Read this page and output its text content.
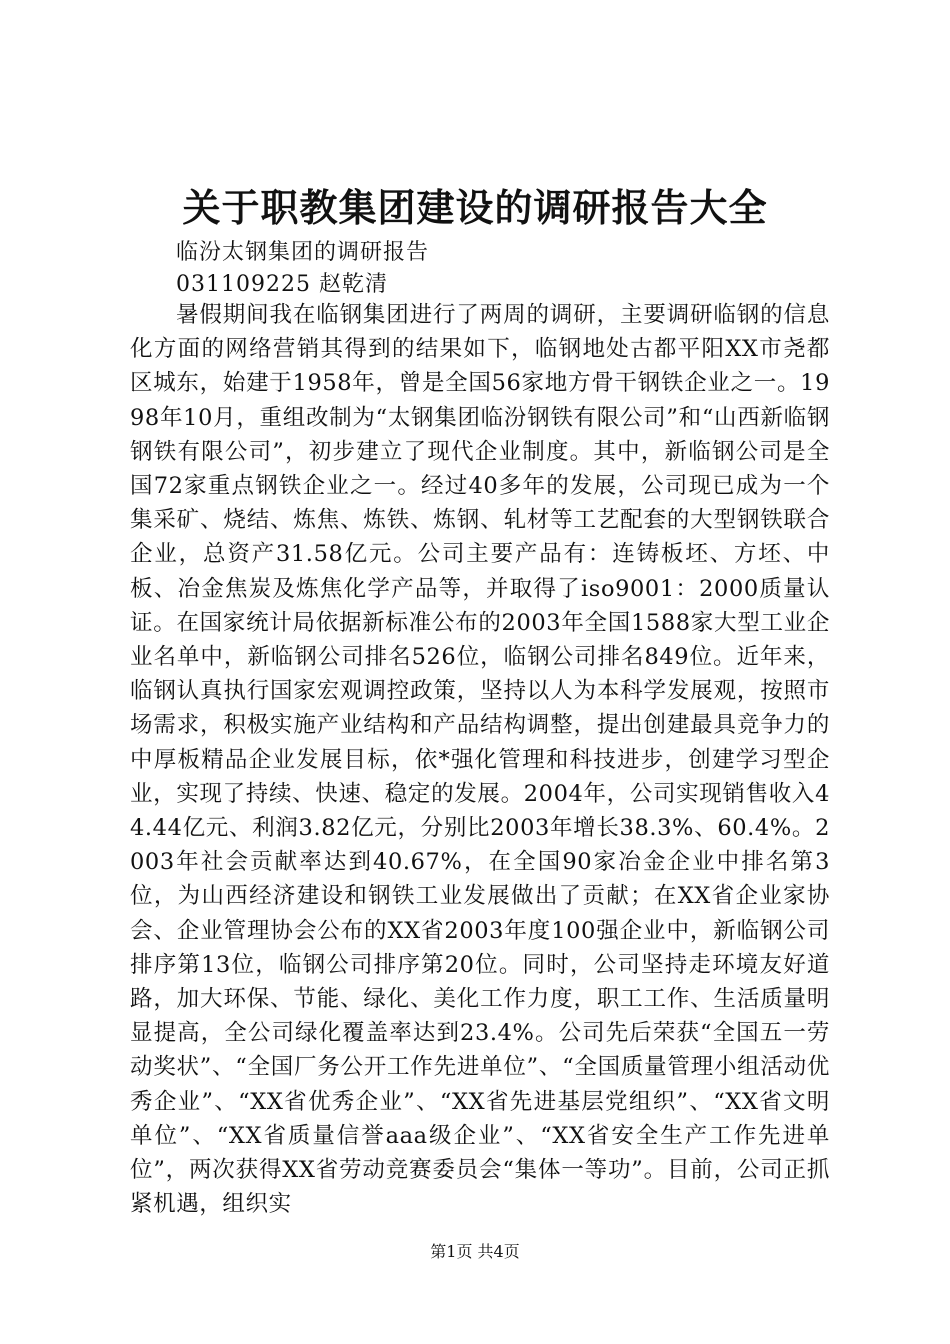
关于职教集团建设的调研报告大全
临汾太钢集团的调研报告
031109225 赵乾清

暑假期间我在临钢集团进行了两周的调研，主要调研临钢的信息化方面的网络营销其得到的结果如下，临钢地处古都平阳XX市尧都区城东，始建于1958年，曾是全国56家地方骨干钢铁企业之一。1998年10月，重组改制为“太钢集团临汾钢铁有限公司”和“山西新临钢钢铁有限公司”，初步建立了现代企业制度。其中，新临钢公司是全国72家重点钢铁企业之一。经过40多年的发展，公司现已成为一个集采矿、烧结、炼焦、炼铁、炼钢、轧材等工艺配套的大型钢铁联合企业，总资产31.58亿元。公司主要产品有：连铸板坯、方坯、中板、冶金焦炭及炼焦化学产品等，并取得了iso9001：2000质量认证。在国家统计局依据新标准公布的2003年全国1588家大型工业企业名单中，新临钢公司排名526位，临钢公司排名849位。近年来，临钢认真执行国家宏观调控政策，坚持以人为本科学发展观，按照市场需求，积极实施产业结构和产品结构调整，提出创建最具竞争力的中厚板精品企业发展目标，依*强化管理和科技进步，创建学习型企业，实现了持续、快速、稳定的发展。2004年，公司实现销售收入44.44亿元、利润3.82亿元，分别比2003年增长38.3%、60.4%。2003年社会贡献率达到40.67%，在全国90家冶金企业中排名第3位，为山西经济建设和钢铁工业发展做出了贡献；在XX省企业家协会、企业管理协会公布的XX省2003年度100强企业中，新临钢公司排序第13位，临钢公司排序第20位。同时，公司坚持走环境友好道路，加大环保、节能、绿化、美化工作力度，职工工作、生活质量明显提高，全公司绿化覆盖率达到23.4%。公司先后荣获“全国五一劳动奖状”、“全国厂务公开工作先进单位”、“全国质量管理小组活动优秀企业”、“XX省优秀企业”、“XX省先进基层党组织”、“XX省文明单位”、“XX省质量信誉aaa级企业”、“XX省安全生产工作先进单位”，两次获得XX省劳动竞赛委员会“集体一等功”。目前，公司正抓紧机遇，组织实

第1页 共4页
